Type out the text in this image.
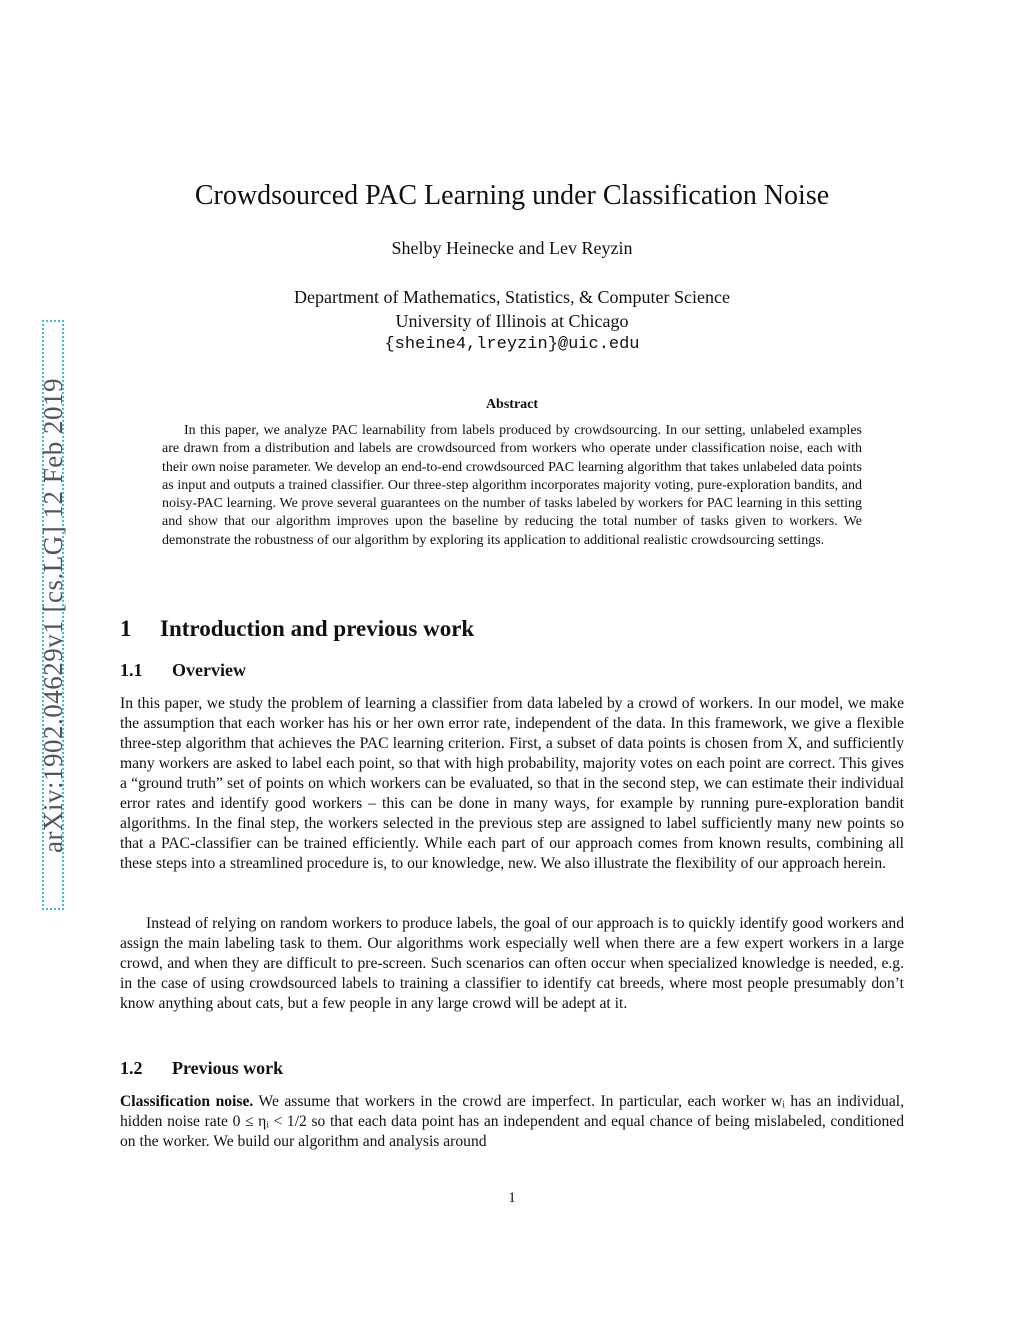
arXiv:1902.04629v1 [cs.LG] 12 Feb 2019
Crowdsourced PAC Learning under Classification Noise
Shelby Heinecke and Lev Reyzin
Department of Mathematics, Statistics, & Computer Science
University of Illinois at Chicago
{sheine4,lreyzin}@uic.edu
Abstract
In this paper, we analyze PAC learnability from labels produced by crowdsourcing. In our setting, unlabeled examples are drawn from a distribution and labels are crowdsourced from workers who operate under classification noise, each with their own noise parameter. We develop an end-to-end crowdsourced PAC learning algorithm that takes unlabeled data points as input and outputs a trained classifier. Our three-step algorithm incorporates majority voting, pure-exploration bandits, and noisy-PAC learning. We prove several guarantees on the number of tasks labeled by workers for PAC learning in this setting and show that our algorithm improves upon the baseline by reducing the total number of tasks given to workers. We demonstrate the robustness of our algorithm by exploring its application to additional realistic crowdsourcing settings.
1 Introduction and previous work
1.1 Overview
In this paper, we study the problem of learning a classifier from data labeled by a crowd of workers. In our model, we make the assumption that each worker has his or her own error rate, independent of the data. In this framework, we give a flexible three-step algorithm that achieves the PAC learning criterion. First, a subset of data points is chosen from X, and sufficiently many workers are asked to label each point, so that with high probability, majority votes on each point are correct. This gives a “ground truth” set of points on which workers can be evaluated, so that in the second step, we can estimate their individual error rates and identify good workers – this can be done in many ways, for example by running pure-exploration bandit algorithms. In the final step, the workers selected in the previous step are assigned to label sufficiently many new points so that a PAC-classifier can be trained efficiently. While each part of our approach comes from known results, combining all these steps into a streamlined procedure is, to our knowledge, new. We also illustrate the flexibility of our approach herein.
Instead of relying on random workers to produce labels, the goal of our approach is to quickly identify good workers and assign the main labeling task to them. Our algorithms work especially well when there are a few expert workers in a large crowd, and when they are difficult to pre-screen. Such scenarios can often occur when specialized knowledge is needed, e.g. in the case of using crowdsourced labels to training a classifier to identify cat breeds, where most people presumably don’t know anything about cats, but a few people in any large crowd will be adept at it.
1.2 Previous work
Classification noise. We assume that workers in the crowd are imperfect. In particular, each worker wᵢ has an individual, hidden noise rate 0 ≤ ηᵢ < 1/2 so that each data point has an independent and equal chance of being mislabeled, conditioned on the worker. We build our algorithm and analysis around
1
